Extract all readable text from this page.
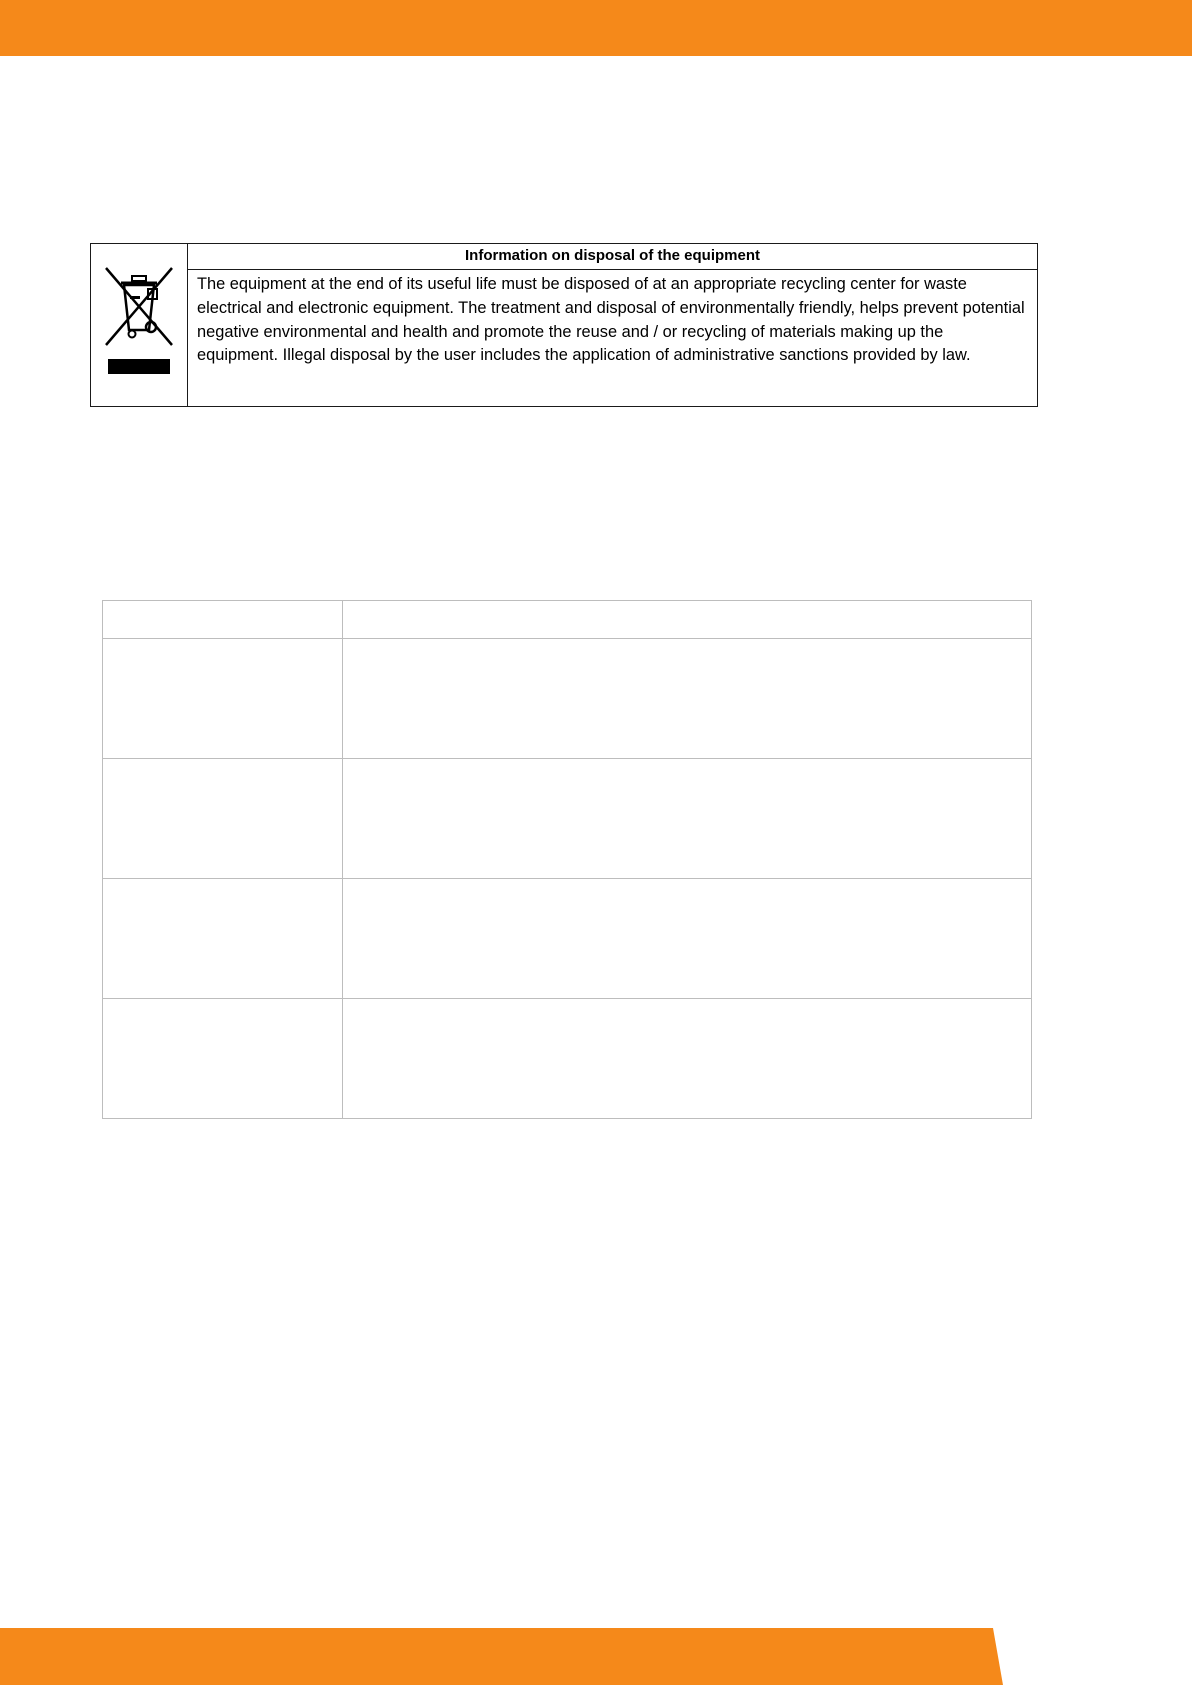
Information on disposal of the equipment
The equipment at the end of its useful life must be disposed of at an appropriate recycling center for waste electrical and electronic equipment. The treatment and disposal of environmentally friendly, helps prevent potential negative environmental and health and promote the reuse and / or recycling of materials making up the equipment. Illegal disposal by the user includes the application of administrative sanctions provided by law.
